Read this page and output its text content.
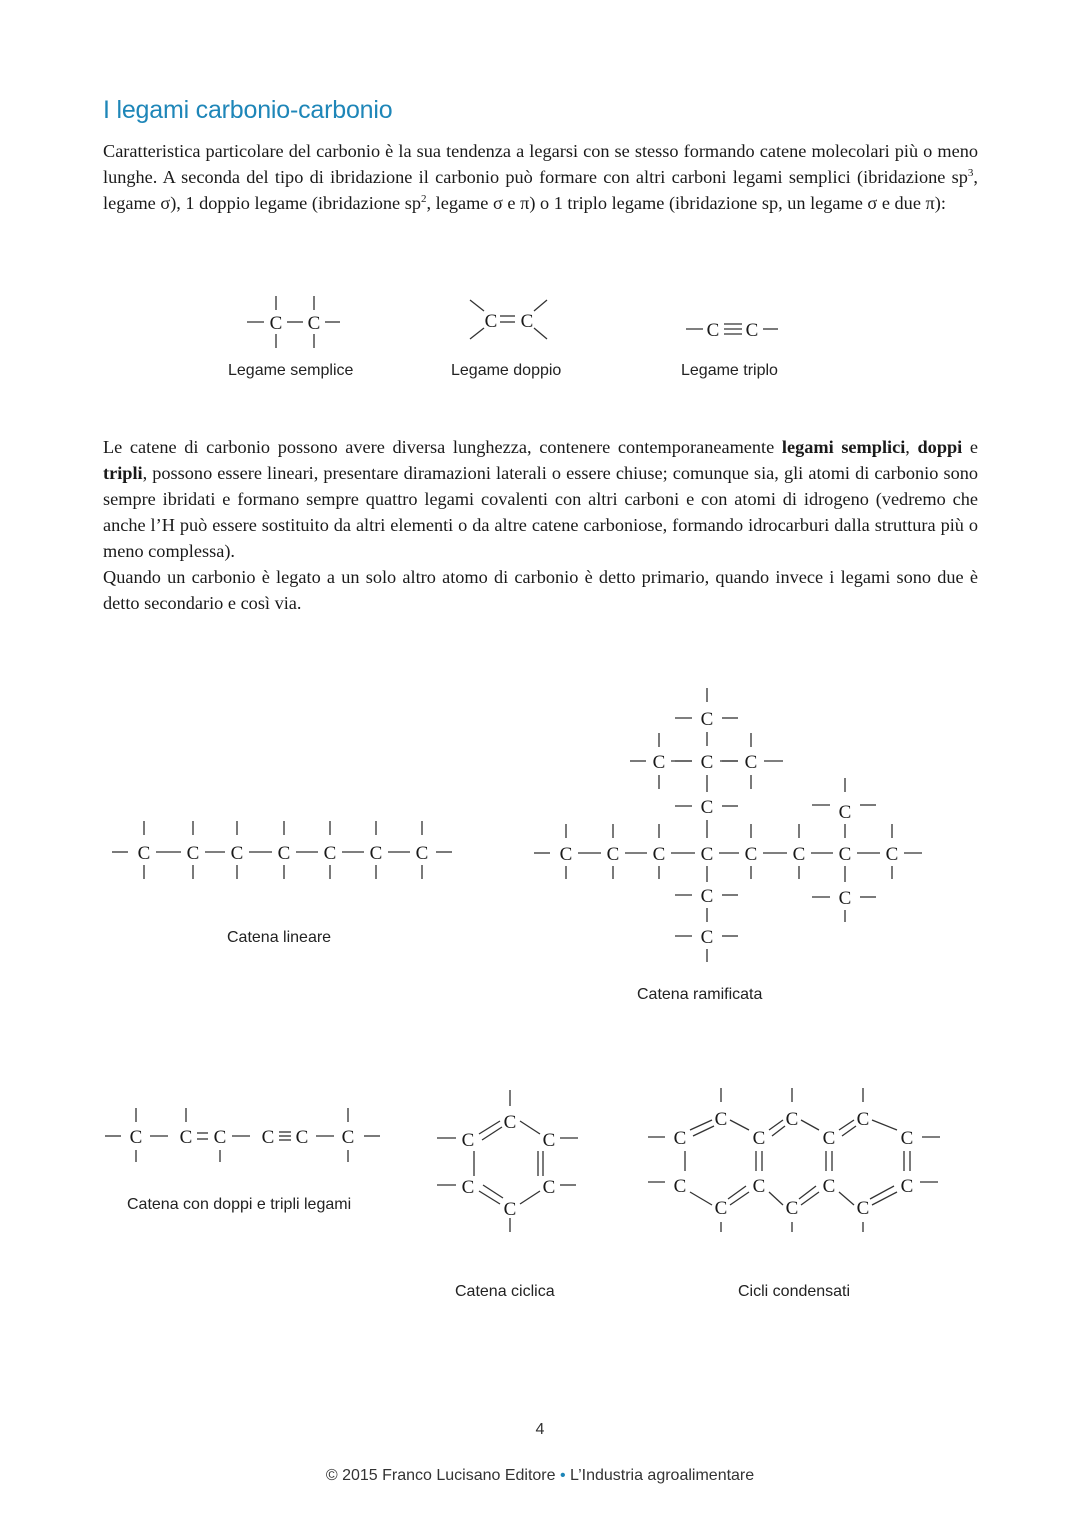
I legami carbonio-carbonio

Caratteristica particolare del carbonio è la sua tendenza a legarsi con se stesso formando catene molecolari più o meno lunghe. A seconda del tipo di ibridazione il carbonio può formare con altri carboni legami semplici (ibridazione $sp^3$, legame σ), 1 doppio legame (ibridazione $sp^2$, legame σ e π) o 1 triplo legame (ibridazione sp, un legame σ e due π):

C C	C C	C C
C C C C C C C	C C C C C C C C
C
C
C
C	C
C
C
C
C
C C C C C C
C
C	C
C	C
C
C
C	C
C	C
C
C
C
C
C
C
C
C
C
Legame semplice	Legame doppio	Legame triplo

Le catene di carbonio possono avere diversa lunghezza, contenere contemporaneamente legami semplici, doppi e tripli, possono essere lineari, presentare diramazioni laterali o essere chiuse; comunque sia, gli atomi di carbonio sono sempre ibridati e formano sempre quattro legami covalenti con altri carboni e con atomi di idrogeno (vedremo che anche l’H può essere sostituito da altri elementi o da altre catene carboniose, formando idrocarburi dalla struttura più o meno complessa).

Quando un carbonio è legato a un solo altro atomo di carbonio è detto primario, quando invece i legami sono due è detto secondario e così via.

Catena lineare
Catena ramificata
Catena con doppi e tripli legami
Catena ciclica	Cicli condensati
4
© 2015 Franco Lucisano Editore • L’Industria agroalimentare
